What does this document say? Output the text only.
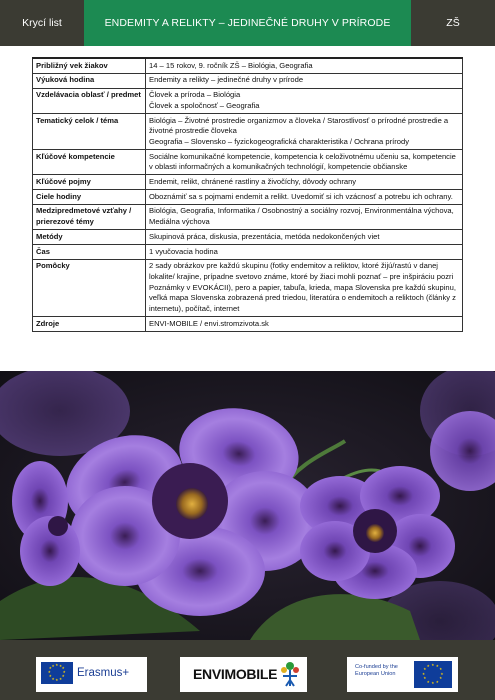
Krycí list	ENDEMITY A RELIKTY – JEDINEČNÉ DRUHY V PRÍRODE	ZŠ
Približný vek žiakov	14 – 15 rokov, 9. ročník ZŠ – Biológia, Geografia
Výuková hodina	Endemity a relikty – jedinečné druhy v prírode
Vzdelávacia oblasť / predmet	Človek a príroda – Biológia
Človek a spoločnosť – Geografia
Tematický celok / téma	Biológia – Životné prostredie organizmov a človeka / Starostlivosť o prírodné prostredie a životné prostredie človeka
Geografia – Slovensko – fyzickogeografická charakteristika / Ochrana prírody
Kľúčové kompetencie	Sociálne komunikačné kompetencie, kompetencia k celoživotnému učeniu sa, kompetencie v oblasti informačných a komunikačných technológií, kompetencie občianske
Kľúčové pojmy	Endemit, relikt, chránené rastliny a živočíchy, dôvody ochrany
Ciele hodiny	Oboznámiť sa s pojmami endemit a relikt. Uvedomiť si ich vzácnosť a potrebu ich ochrany.
Medzipredmetové vzťahy / prierezové témy	Biológia, Geografia, Informatika / Osobnostný a sociálny rozvoj, Environmentálna výchova, Mediálna výchova
Metódy	Skupinová práca, diskusia, prezentácia, metóda nedokončených viet
Čas	1 vyučovacia hodina
Pomôcky	2 sady obrázkov pre každú skupinu (fotky endemitov a reliktov, ktoré žijú/rastú v danej lokalite/ krajine, prípadne svetovo známe, ktoré by žiaci mohli poznať – pre inšpiráciu pozri Poznámky v EVOKÁCII), pero a papier, tabuľa, krieda, mapa Slovenska pre každú skupinu, veľká mapa Slovenska zobrazená pred triedou, literatúra o endemitoch a reliktoch (články z internetu), počítač, internet
Zdroje	ENVI-MOBILE / envi.stromzivota.sk
★
★
★
★
★
★
★
★
★ ★ ★
★ Erasmus+	ENVIMOBILE	Co-funded by the European Union	★
★
★
★
★
★
★
★
★ ★ ★
★
